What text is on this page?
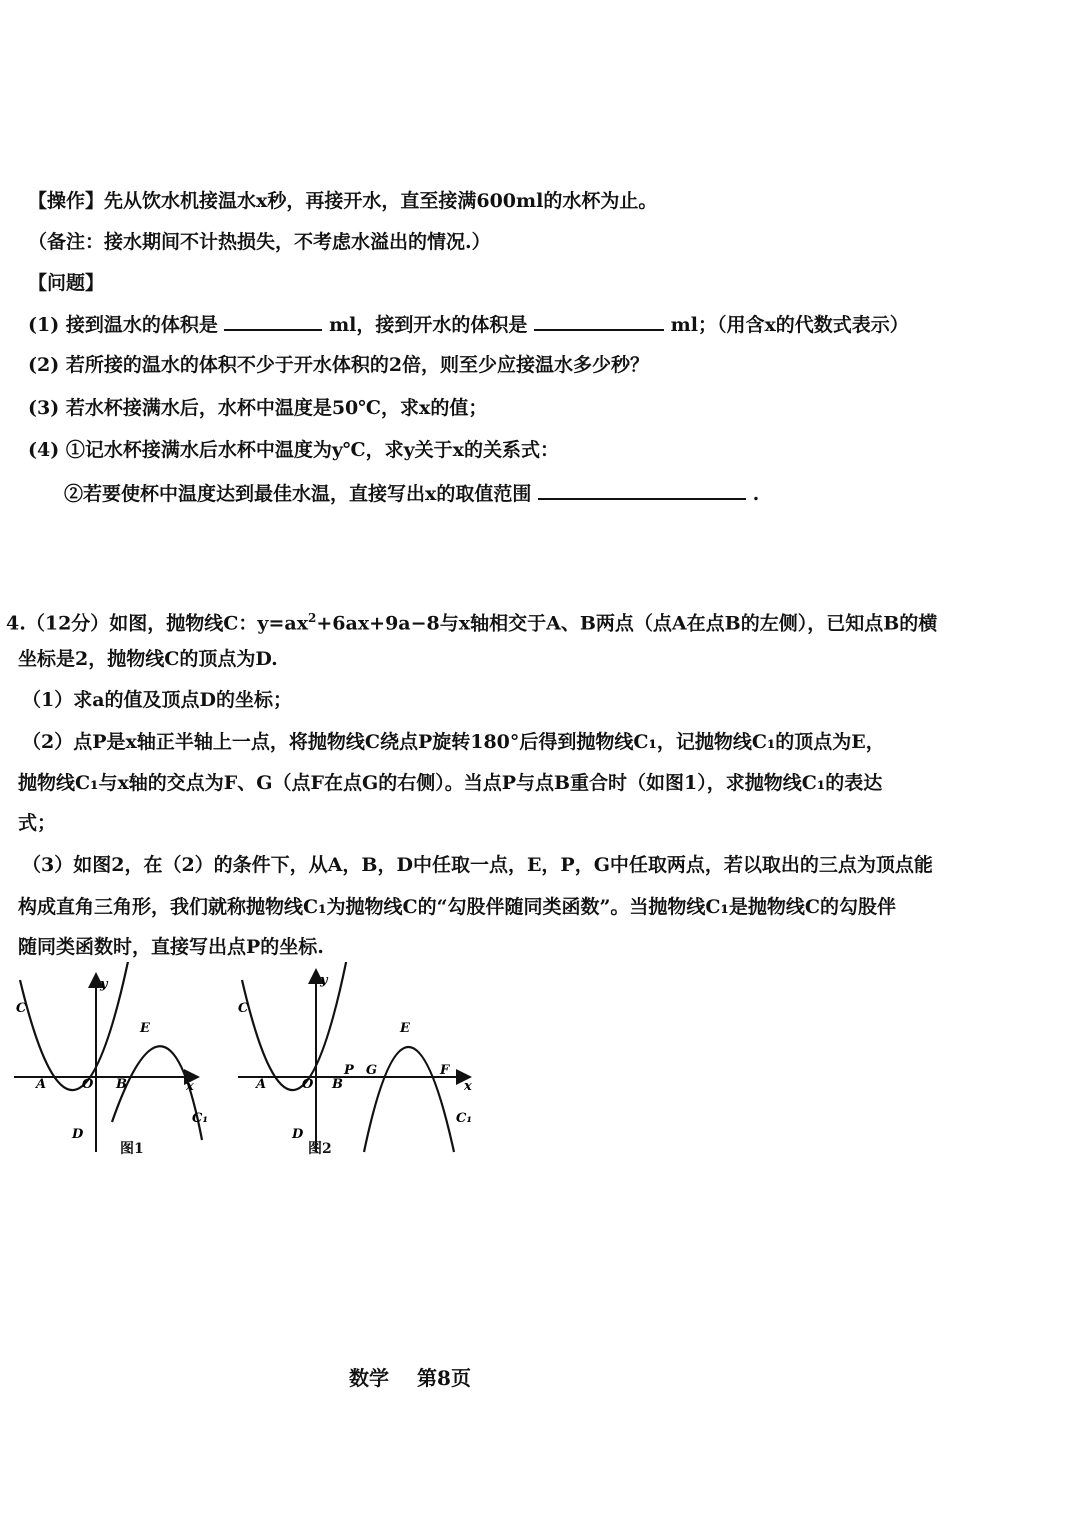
【操作】先从饮水机接温水x秒，再接开水，直至接满600ml的水杯为止。
（备注：接水期间不计热损失，不考虑水溢出的情况.）
【问题】
(1) 接到温水的体积是	ml，接到开水的体积是	ml；（用含x的代数式表示）
(2) 若所接的温水的体积不少于开水体积的2倍，则至少应接温水多少秒？
(3) 若水杯接满水后，水杯中温度是50℃，求x的值；
(4) ①记水杯接满水后水杯中温度为y℃，求y关于x的关系式：
②若要使杯中温度达到最佳水温，直接写出x的取值范围	.
4.（12分）如图，抛物线C：$y=ax^2+6ax+9a-8$与x轴相交于A、B两点（点A在点B的左侧），已知点B的横
坐标是2，抛物线C的顶点为D.
（1）求a的值及顶点D的坐标；
（2）点P是x轴正半轴上一点，将抛物线C绕点P旋转180°后得到抛物线C₁，记抛物线C₁的顶点为E，
抛物线C₁与x轴的交点为F、G（点F在点G的右侧）。当点P与点B重合时（如图1），求抛物线C₁的表达
式；
（3）如图2，在（2）的条件下，从A，B，D中任取一点，E，P，G中任取两点，若以取出的三点为顶点能
构成直角三角形，我们就称抛物线C₁为抛物线C的“勾股伴随同类函数”。当抛物线C₁是抛物线C的勾股伴
随同类函数时，直接写出点P的坐标.
y
x
O
A	B
D
E
C
C₁
图1
y
x
O
A	B
D
E
C
C₁
P G	F
图2
数学 第8页
